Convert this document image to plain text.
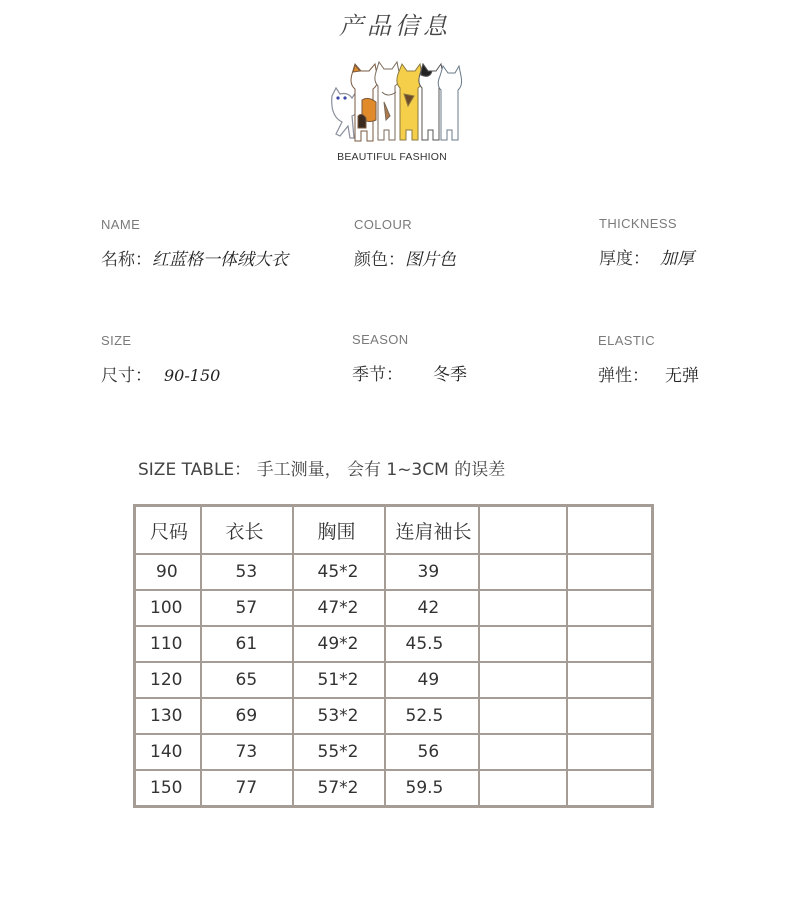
产品信息
BEAUTIFUL FASHION
NAME
名称：红蓝格一体绒大衣
COLOUR
颜色：图片色
THICKNESS
厚度： 加厚
SIZE
尺寸： 90-150
SEASON
季节： 冬季
ELASTIC
弹性： 无弹
SIZE TABLE： 手工测量， 会有 1~3CM 的误差
尺码	衣长	胸围	连肩袖长		
90	53	45*2	39		
100	57	47*2	42		
110	61	49*2	45.5		
120	65	51*2	49		
130	69	53*2	52.5		
140	73	55*2	56		
150	77	57*2	59.5		
